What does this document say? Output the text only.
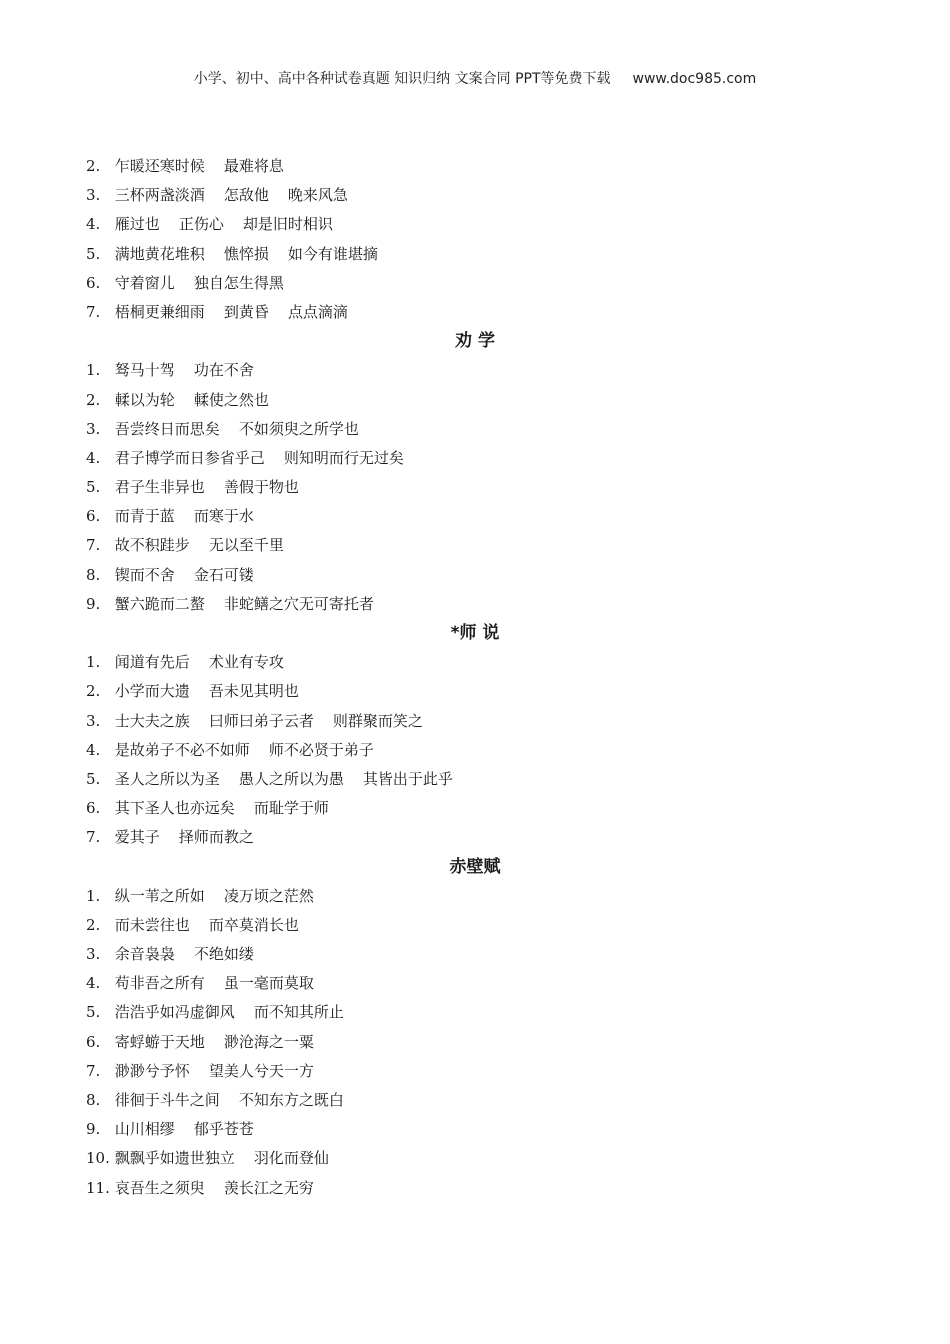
小学、初中、高中各种试卷真题 知识归纳 文案合同 PPT等免费下载 www.doc985.com
2. 乍暖还寒时候    最难将息
3. 三杯两盏淡酒    怎敌他    晚来风急
4. 雁过也    正伤心    却是旧时相识
5. 满地黄花堆积    憔悴损    如今有谁堪摘
6. 守着窗儿    独自怎生得黑
7. 梧桐更兼细雨    到黄昏    点点滴滴
劝 学
1. 驽马十驾    功在不舍
2. 輮以为轮    輮使之然也
3. 吾尝终日而思矣    不如须臾之所学也
4. 君子博学而日参省乎己    则知明而行无过矣
5. 君子生非异也    善假于物也
6. 而青于蓝    而寒于水
7. 故不积跬步    无以至千里
8. 锲而不舍    金石可镂
9. 蟹六跪而二螯    非蛇鳝之穴无可寄托者
*师 说
1. 闻道有先后    术业有专攻
2. 小学而大遗    吾未见其明也
3. 士大夫之族    曰师曰弟子云者    则群聚而笑之
4. 是故弟子不必不如师    师不必贤于弟子
5. 圣人之所以为圣    愚人之所以为愚    其皆出于此乎
6. 其下圣人也亦远矣    而耻学于师
7. 爱其子    择师而教之
赤壁赋
1. 纵一苇之所如    凌万顷之茫然
2. 而未尝往也    而卒莫消长也
3. 余音袅袅    不绝如缕
4. 苟非吾之所有    虽一毫而莫取
5. 浩浩乎如冯虚御风    而不知其所止
6. 寄蜉蝣于天地    渺沧海之一粟
7. 渺渺兮予怀    望美人兮天一方
8. 徘徊于斗牛之间    不知东方之既白
9. 山川相缪    郁乎苍苍
10. 飘飘乎如遗世独立    羽化而登仙
11. 哀吾生之须臾    羡长江之无穷
